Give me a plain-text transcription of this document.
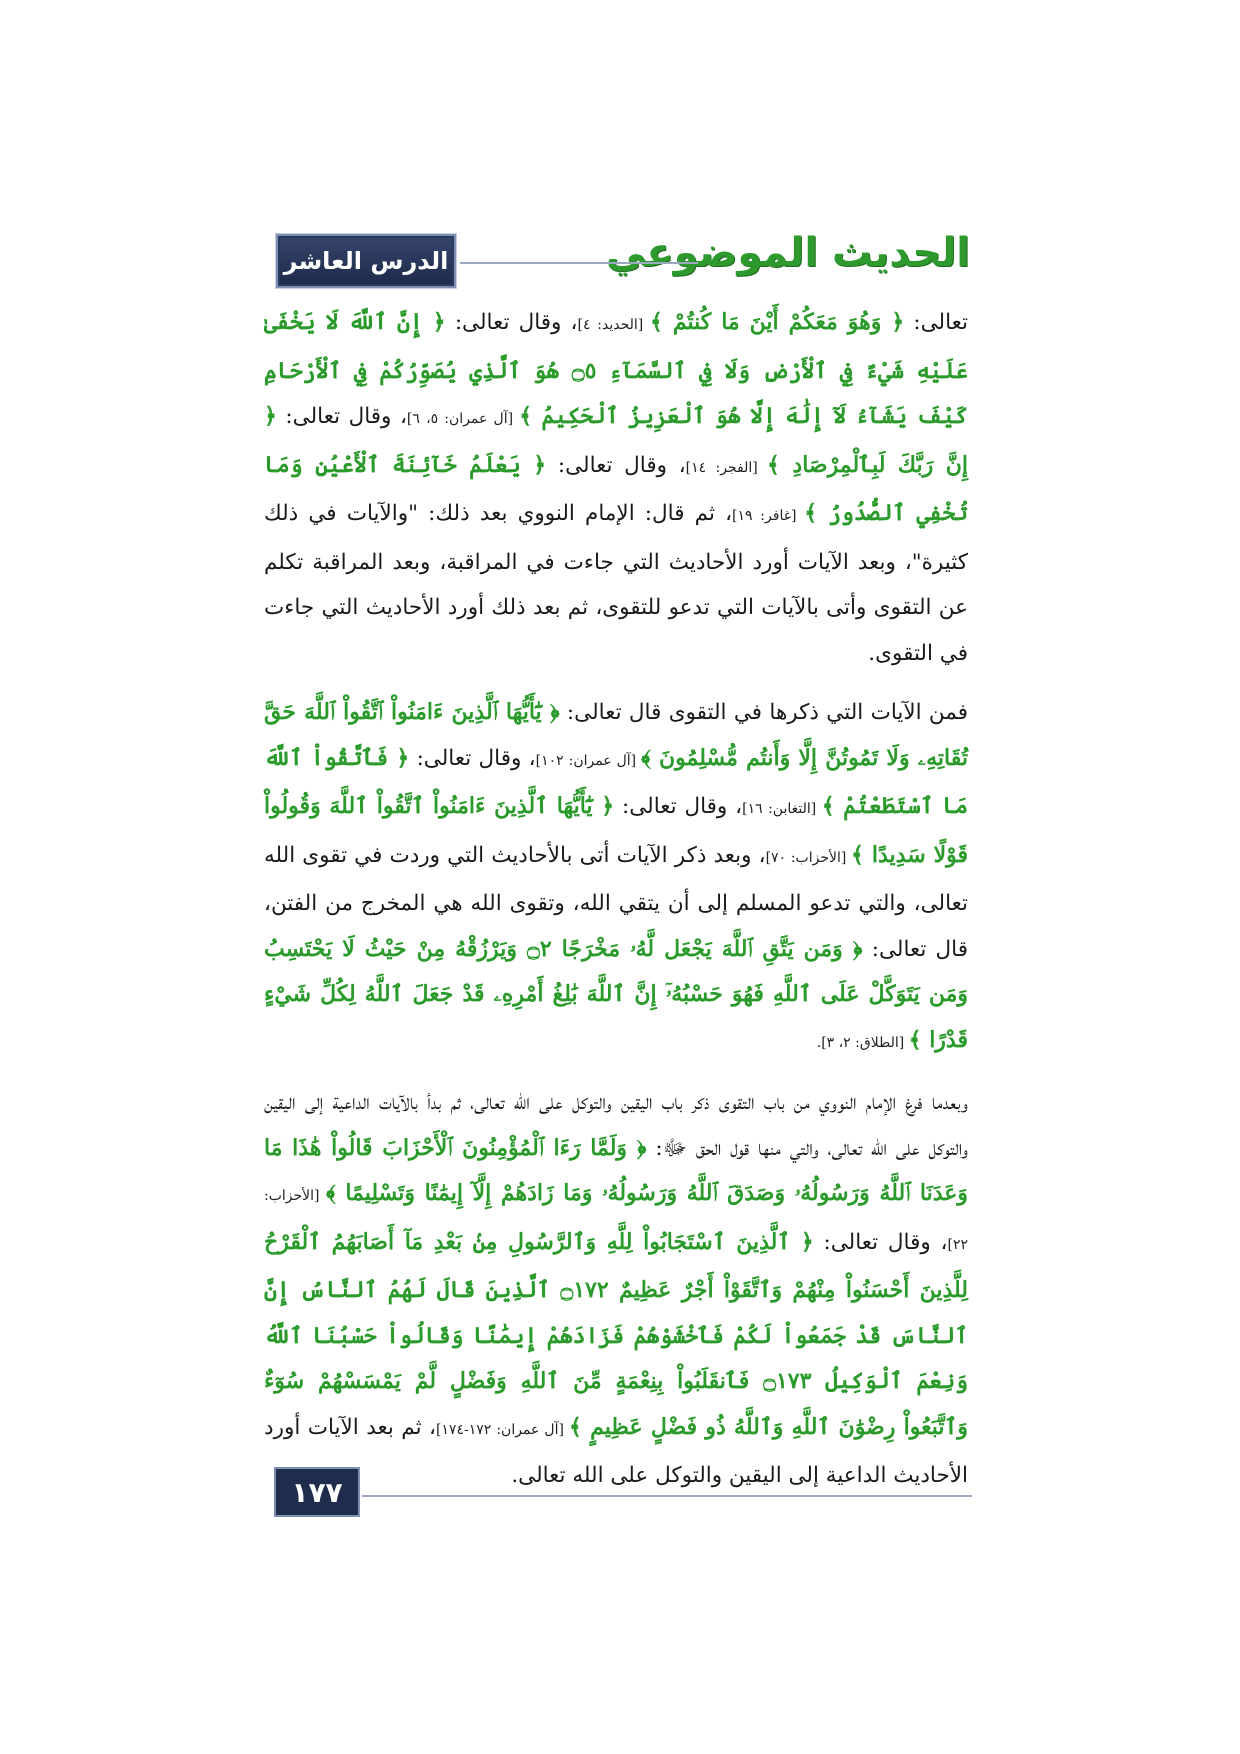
الحديث الموضوعي
الدرس العاشر

تعالى: ﴿ وَهُوَ مَعَكُمْ أَيْنَ مَا كُنتُمْ ﴾ [الحديد: ٤]، وقال تعالى: ﴿ إِنَّ ٱللَّهَ لَا يَخْفَىٰ عَلَيْهِ شَيْءٌ فِي ٱلْأَرْضِ وَلَا فِي ٱلسَّمَآءِ ۝٥ هُوَ ٱلَّذِي يُصَوِّرُكُمْ فِي ٱلْأَرْحَامِ كَيْفَ يَشَآءُ لَآ إِلَٰهَ إِلَّا هُوَ ٱلْعَزِيزُ ٱلْحَكِيمُ ﴾ [آل عمران: ٥، ٦]، وقال تعالى: ﴿ إِنَّ رَبَّكَ لَبِٱلْمِرْصَادِ ﴾ [الفجر: ١٤]، وقال تعالى: ﴿ يَعْلَمُ خَآئِنَةَ ٱلْأَعْيُنِ وَمَا تُخْفِي ٱلصُّدُورُ ﴾ [غافر: ١٩]، ثم قال: الإمام النووي بعد ذلك: "والآيات في ذلك كثيرة"، وبعد الآيات أورد الأحاديث التي جاءت في المراقبة، وبعد المراقبة تكلم عن التقوى وأتى بالآيات التي تدعو للتقوى، ثم بعد ذلك أورد الأحاديث التي جاءت في التقوى.

فمن الآيات التي ذكرها في التقوى قال تعالى: ﴿ يَٰٓأَيُّهَا ٱلَّذِينَ ءَامَنُواْ ٱتَّقُواْ ٱللَّهَ حَقَّ تُقَاتِهِۦ وَلَا تَمُوتُنَّ إِلَّا وَأَنتُم مُّسْلِمُونَ ﴾ [آل عمران: ١٠٢]، وقال تعالى: ﴿ فَٱتَّقُواْ ٱللَّهَ مَا ٱسْتَطَعْتُمْ ﴾ [التغابن: ١٦]، وقال تعالى: ﴿ يَٰٓأَيُّهَا ٱلَّذِينَ ءَامَنُواْ ٱتَّقُواْ ٱللَّهَ وَقُولُواْ قَوْلًا سَدِيدًا ﴾ [الأحزاب: ٧٠]، وبعد ذكر الآيات أتى بالأحاديث التي وردت في تقوى الله تعالى، والتي تدعو المسلم إلى أن يتقي الله، وتقوى الله هي المخرج من الفتن، قال تعالى: ﴿ وَمَن يَتَّقِ ٱللَّهَ يَجْعَل لَّهُۥ مَخْرَجًا ۝٢ وَيَرْزُقْهُ مِنْ حَيْثُ لَا يَحْتَسِبُ وَمَن يَتَوَكَّلْ عَلَى ٱللَّهِ فَهُوَ حَسْبُهُۥٓ إِنَّ ٱللَّهَ بَٰلِغُ أَمْرِهِۦ قَدْ جَعَلَ ٱللَّهُ لِكُلِّ شَيْءٍ قَدْرًا ﴾ [الطلاق: ٢، ٣].

وبعدما فرغ الإمام النووي من باب التقوى ذكر باب اليقين والتوكل على الله تعالى، ثم بدأ بالآيات الداعية إلى اليقين والتوكل على الله تعالى، والتي منها قول الحق ﷻ: ﴿ وَلَمَّا رَءَا ٱلْمُؤْمِنُونَ ٱلْأَحْزَابَ قَالُواْ هَٰذَا مَا وَعَدَنَا ٱللَّهُ وَرَسُولُهُۥ وَصَدَقَ ٱللَّهُ وَرَسُولُهُۥ وَمَا زَادَهُمْ إِلَّآ إِيمَٰنًا وَتَسْلِيمًا ﴾ [الأحزاب: ٢٢]، وقال تعالى: ﴿ ٱلَّذِينَ ٱسْتَجَابُواْ لِلَّهِ وَٱلرَّسُولِ مِنۢ بَعْدِ مَآ أَصَابَهُمُ ٱلْقَرْحُ لِلَّذِينَ أَحْسَنُواْ مِنْهُمْ وَٱتَّقَوْاْ أَجْرٌ عَظِيمٌ ۝١٧٢ ٱلَّذِينَ قَالَ لَهُمُ ٱلنَّاسُ إِنَّ ٱلنَّاسَ قَدْ جَمَعُواْ لَكُمْ فَٱخْشَوْهُمْ فَزَادَهُمْ إِيمَٰنًا وَقَالُواْ حَسْبُنَا ٱللَّهُ وَنِعْمَ ٱلْوَكِيلُ ۝١٧٣ فَٱنقَلَبُواْ بِنِعْمَةٍ مِّنَ ٱللَّهِ وَفَضْلٍ لَّمْ يَمْسَسْهُمْ سُوٓءٌ وَٱتَّبَعُواْ رِضْوَٰنَ ٱللَّهِ وَٱللَّهُ ذُو فَضْلٍ عَظِيمٍ ﴾ [آل عمران: ١٧٢-١٧٤]، ثم بعد الآيات أورد الأحاديث الداعية إلى اليقين والتوكل على الله تعالى.

١٧٧
